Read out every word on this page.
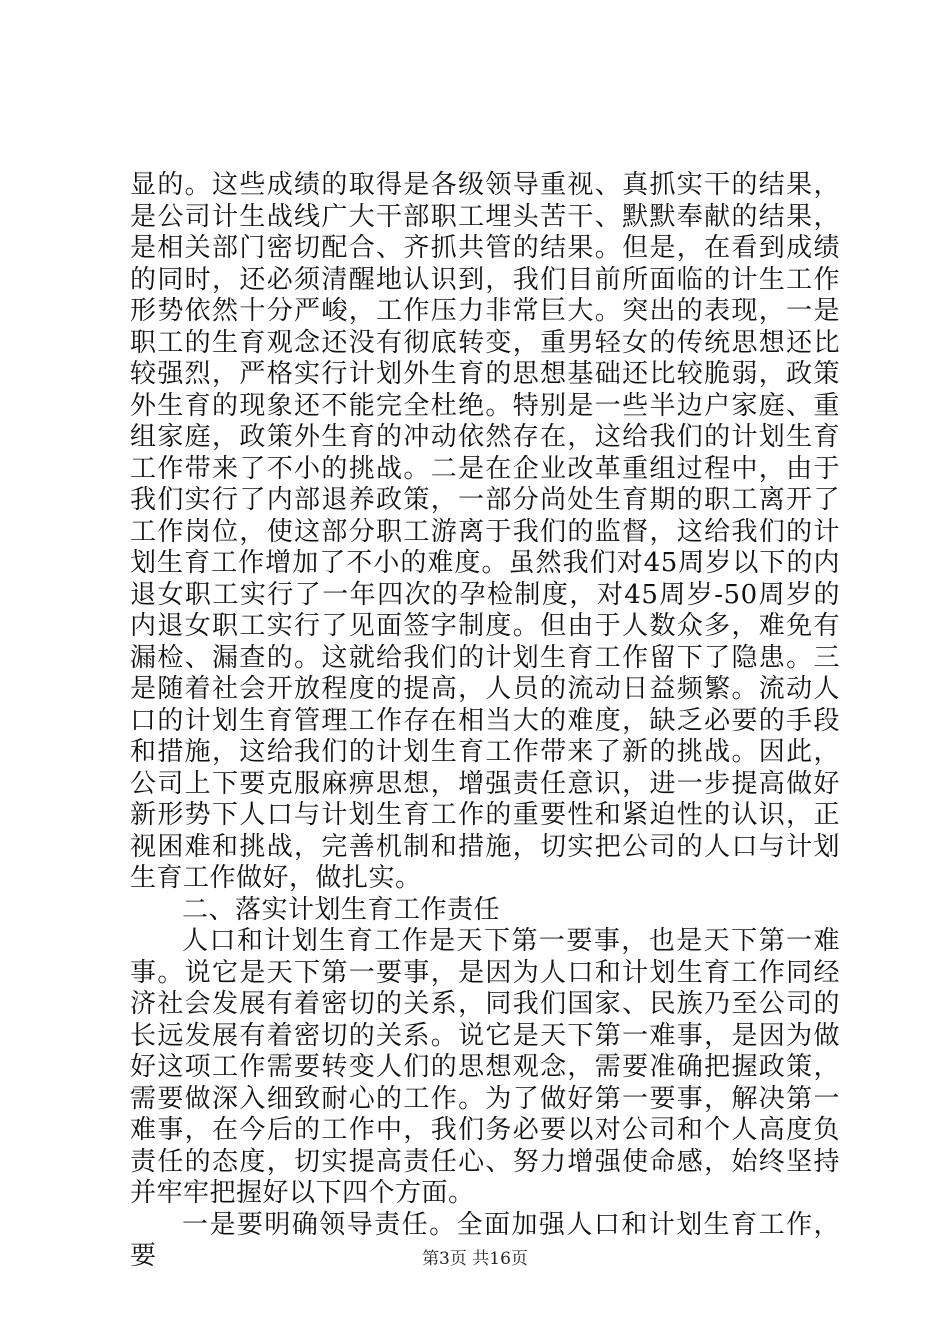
显的。这些成绩的取得是各级领导重视、真抓实干的结果，是公司计生战线广大干部职工埋头苦干、默默奉献的结果，是相关部门密切配合、齐抓共管的结果。但是，在看到成绩的同时，还必须清醒地认识到，我们目前所面临的计生工作形势依然十分严峻，工作压力非常巨大。突出的表现，一是职工的生育观念还没有彻底转变，重男轻女的传统思想还比较强烈，严格实行计划外生育的思想基础还比较脆弱，政策外生育的现象还不能完全杜绝。特别是一些半边户家庭、重组家庭，政策外生育的冲动依然存在，这给我们的计划生育工作带来了不小的挑战。二是在企业改革重组过程中，由于我们实行了内部退养政策，一部分尚处生育期的职工离开了工作岗位，使这部分职工游离于我们的监督，这给我们的计划生育工作增加了不小的难度。虽然我们对45周岁以下的内退女职工实行了一年四次的孕检制度，对45周岁-50周岁的内退女职工实行了见面签字制度。但由于人数众多，难免有漏检、漏查的。这就给我们的计划生育工作留下了隐患。三是随着社会开放程度的提高，人员的流动日益频繁。流动人口的计划生育管理工作存在相当大的难度，缺乏必要的手段和措施，这给我们的计划生育工作带来了新的挑战。因此，公司上下要克服麻痹思想，增强责任意识，进一步提高做好新形势下人口与计划生育工作的重要性和紧迫性的认识，正视困难和挑战，完善机制和措施，切实把公司的人口与计划生育工作做好，做扎实。

二、落实计划生育工作责任

人口和计划生育工作是天下第一要事，也是天下第一难事。说它是天下第一要事，是因为人口和计划生育工作同经济社会发展有着密切的关系，同我们国家、民族乃至公司的长远发展有着密切的关系。说它是天下第一难事，是因为做好这项工作需要转变人们的思想观念，需要准确把握政策，需要做深入细致耐心的工作。为了做好第一要事，解决第一难事，在今后的工作中，我们务必要以对公司和个人高度负责任的态度，切实提高责任心、努力增强使命感，始终坚持并牢牢把握好以下四个方面。

一是要明确领导责任。全面加强人口和计划生育工作，要	第3页 共16页
